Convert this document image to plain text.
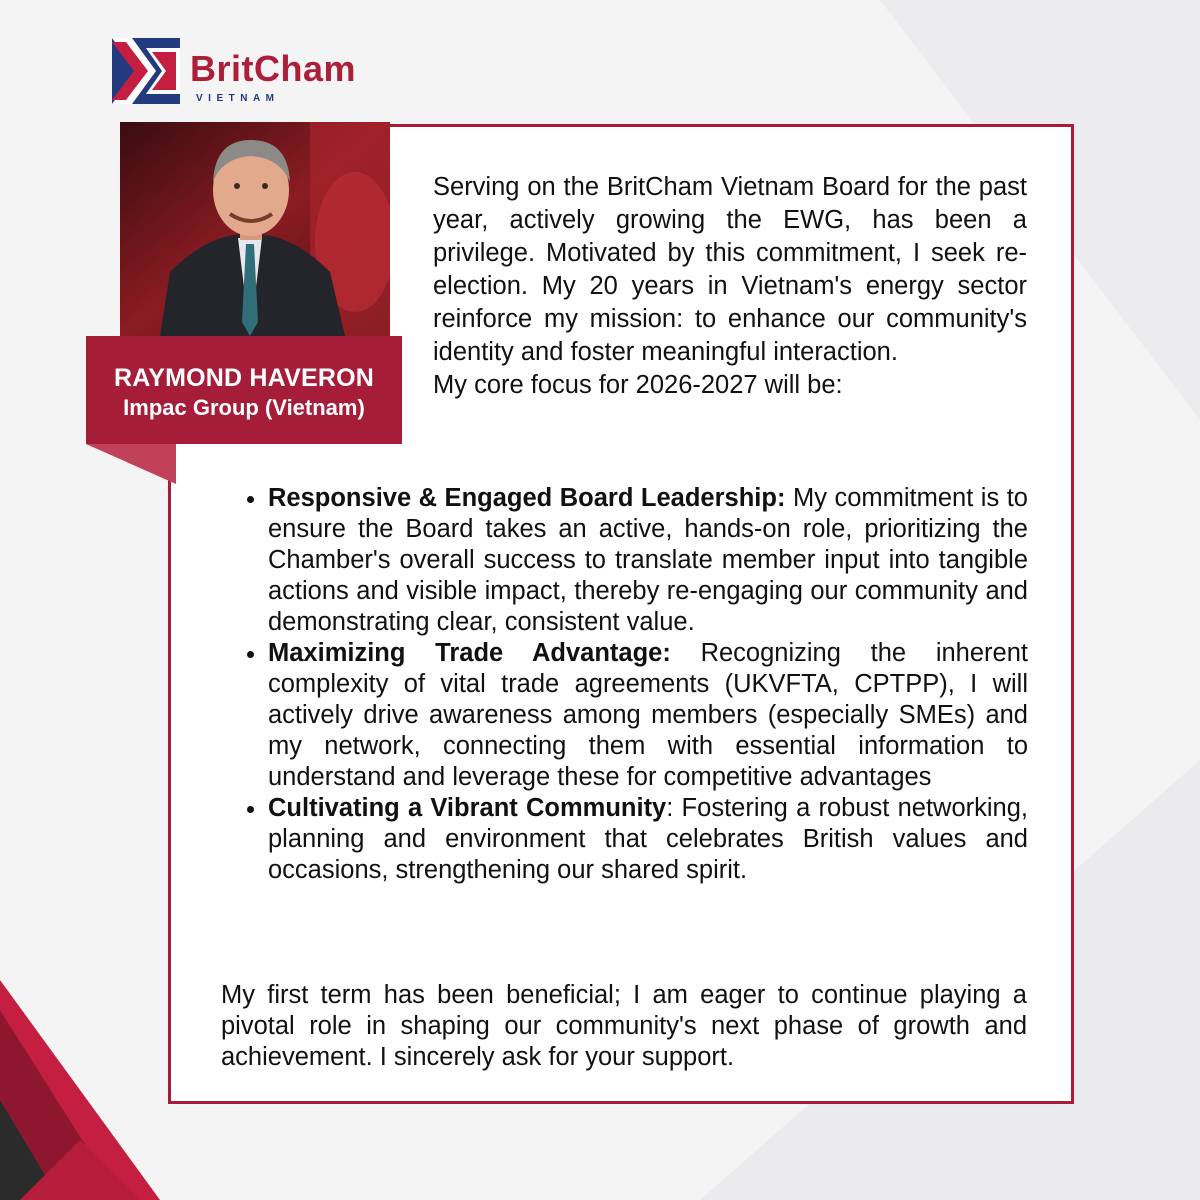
BritCham
VIETNAM
RAYMOND HAVERON
Impac Group (Vietnam)

Serving on the BritCham Vietnam Board for the past year, actively growing the EWG, has been a privilege. Motivated by this commitment, I seek re-election. My 20 years in Vietnam's energy sector reinforce my mission: to enhance our community's identity and foster meaningful interaction.

My core focus for 2026-2027 will be:

• Responsive & Engaged Board Leadership: My commitment is to ensure the Board takes an active, hands-on role, prioritizing the Chamber's overall success to translate member input into tangible actions and visible impact, thereby re-engaging our community and demonstrating clear, consistent value.
• Maximizing Trade Advantage: Recognizing the inherent complexity of vital trade agreements (UKVFTA, CPTPP), I will actively drive awareness among members (especially SMEs) and my network, connecting them with essential information to understand and leverage these for competitive advantages
• Cultivating a Vibrant Community: Fostering a robust networking, planning and environment that celebrates British values and occasions, strengthening our shared spirit.

My first term has been beneficial; I am eager to continue playing a pivotal role in shaping our community's next phase of growth and achievement. I sincerely ask for your support.
